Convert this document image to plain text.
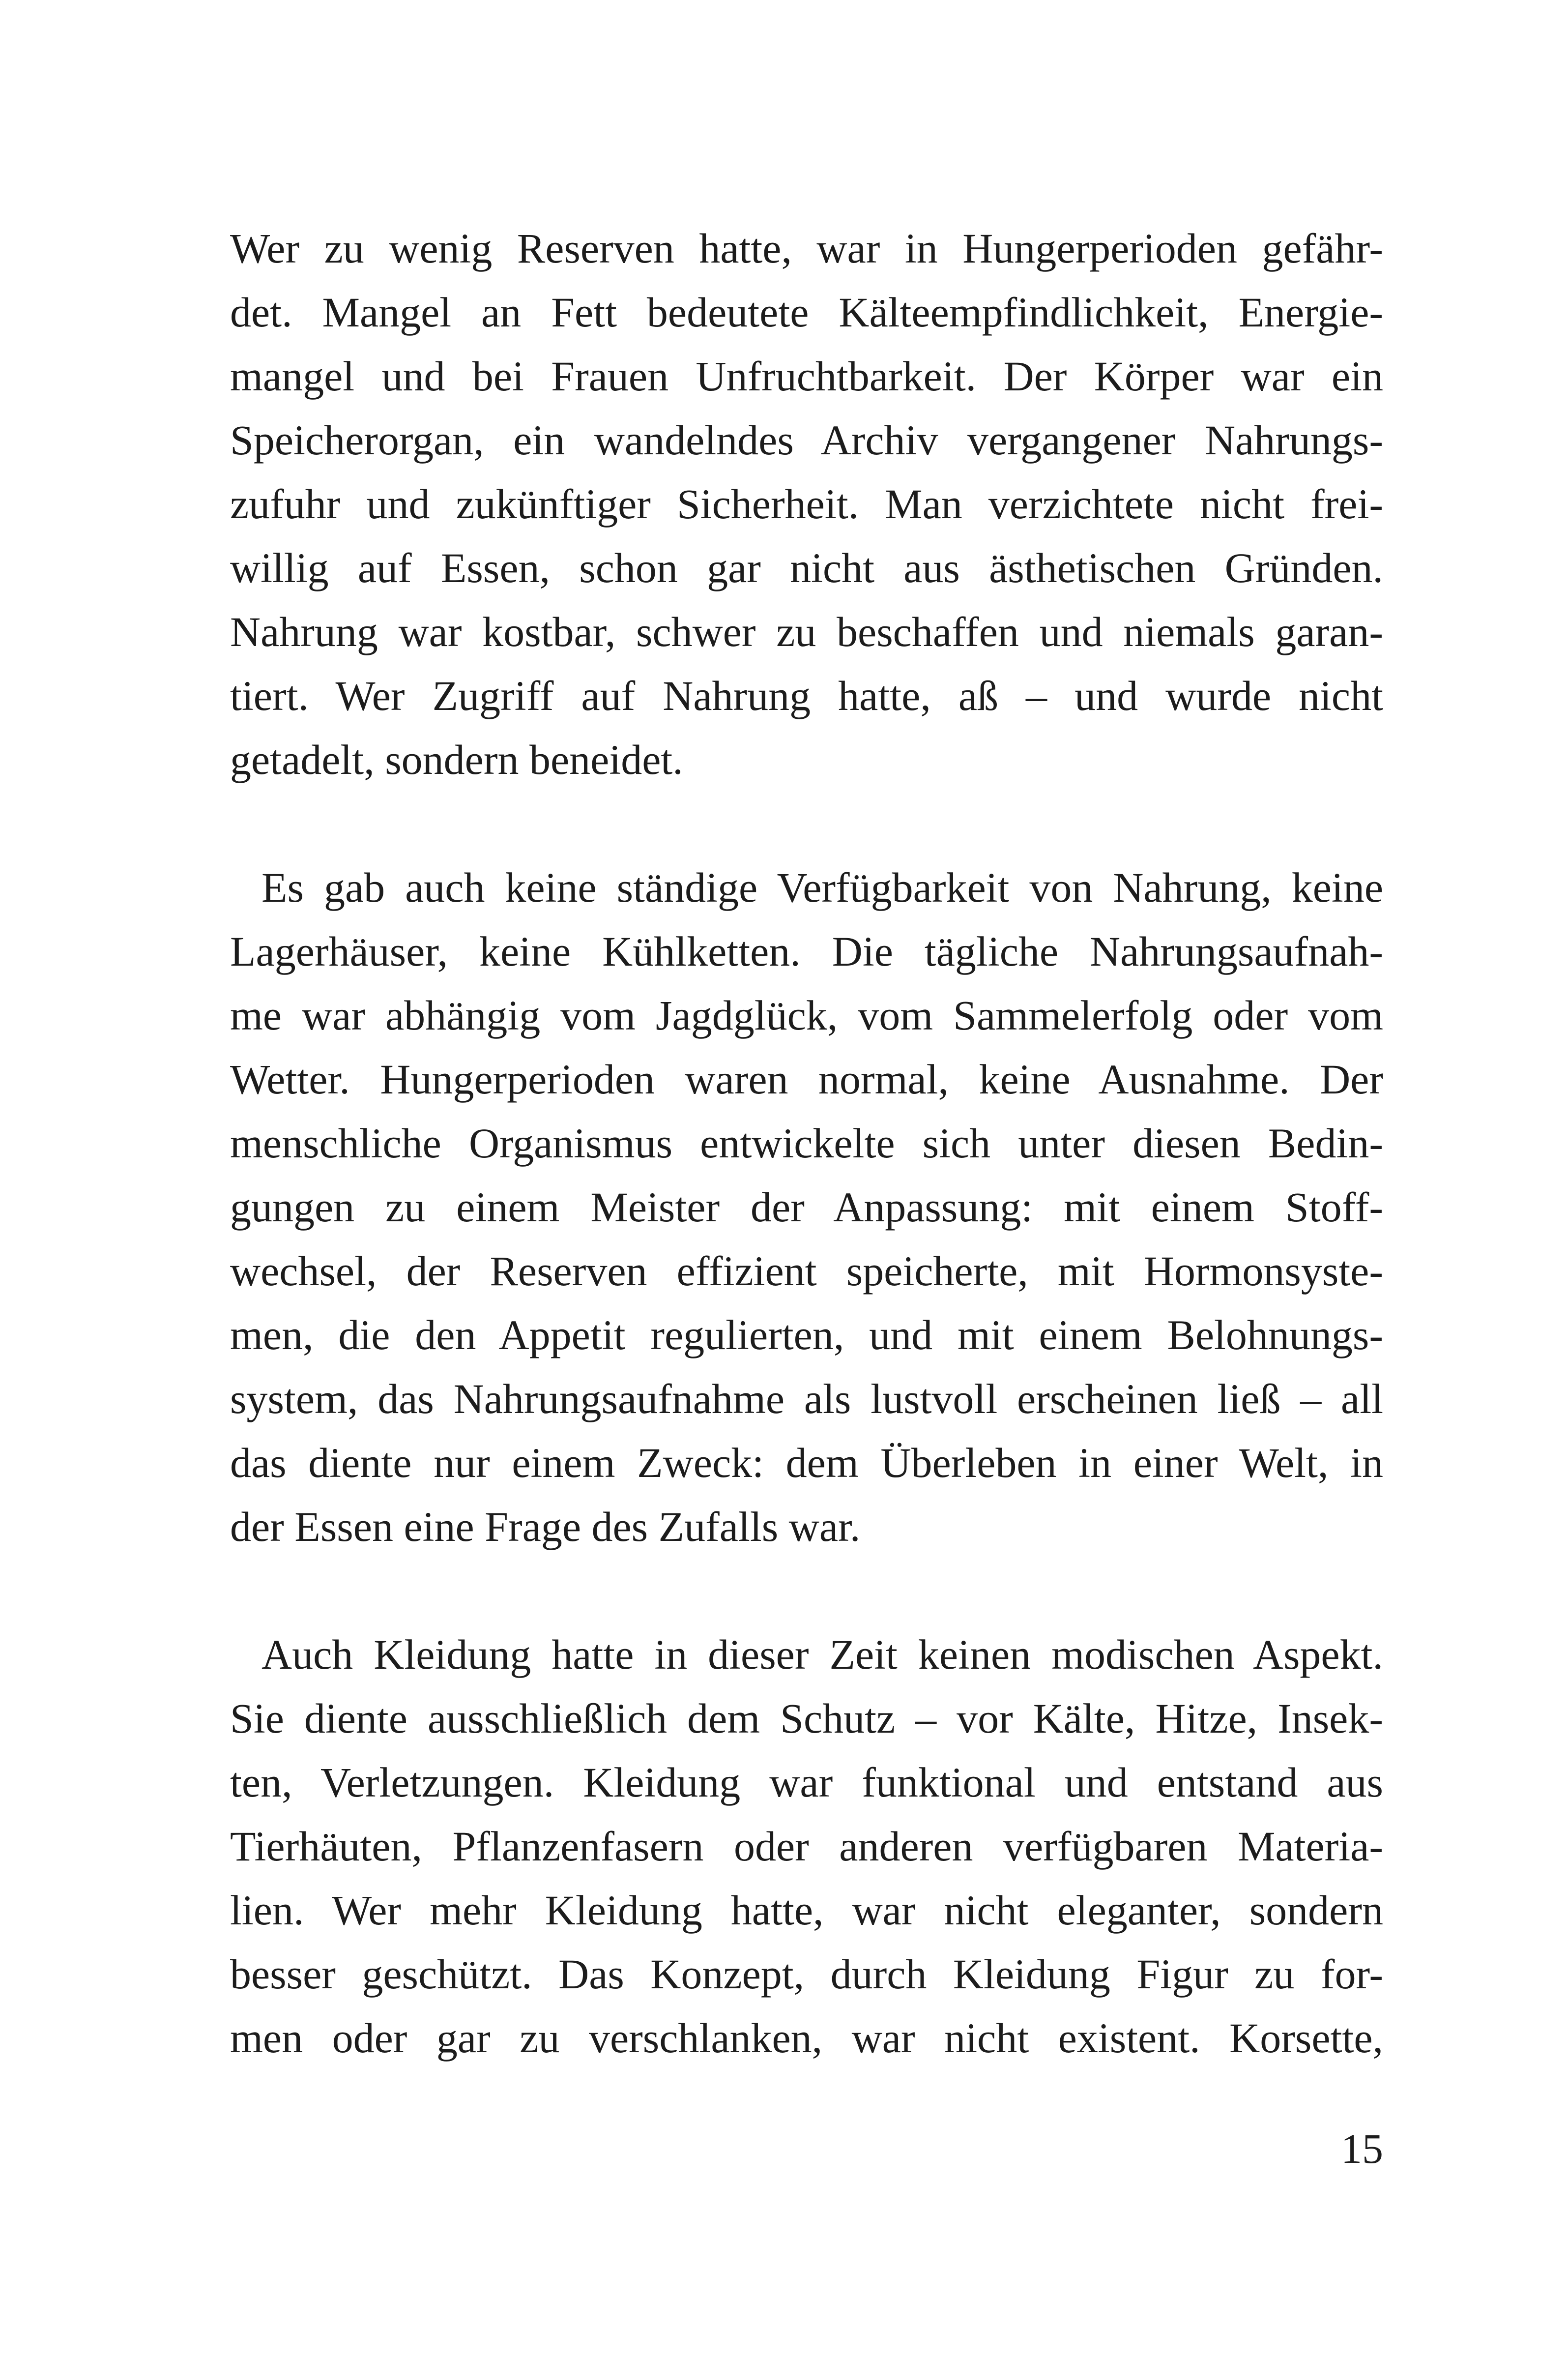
Wer zu wenig Reserven hatte, war in Hungerperioden gefähr-
det. Mangel an Fett bedeutete Kälteempfindlichkeit, Energie-
mangel und bei Frauen Unfruchtbarkeit. Der Körper war ein
Speicherorgan, ein wandelndes Archiv vergangener Nahrungs-
zufuhr und zukünftiger Sicherheit. Man verzichtete nicht frei-
willig auf Essen, schon gar nicht aus ästhetischen Gründen.
Nahrung war kostbar, schwer zu beschaffen und niemals garan-
tiert. Wer Zugriff auf Nahrung hatte, aß – und wurde nicht
getadelt, sondern beneidet.
Es gab auch keine ständige Verfügbarkeit von Nahrung, keine
Lagerhäuser, keine Kühlketten. Die tägliche Nahrungsaufnah-
me war abhängig vom Jagdglück, vom Sammelerfolg oder vom
Wetter. Hungerperioden waren normal, keine Ausnahme. Der
menschliche Organismus entwickelte sich unter diesen Bedin-
gungen zu einem Meister der Anpassung: mit einem Stoff-
wechsel, der Reserven effizient speicherte, mit Hormonsyste-
men, die den Appetit regulierten, und mit einem Belohnungs-
system, das Nahrungsaufnahme als lustvoll erscheinen ließ – all
das diente nur einem Zweck: dem Überleben in einer Welt, in
der Essen eine Frage des Zufalls war.
Auch Kleidung hatte in dieser Zeit keinen modischen Aspekt.
Sie diente ausschließlich dem Schutz – vor Kälte, Hitze, Insek-
ten, Verletzungen. Kleidung war funktional und entstand aus
Tierhäuten, Pflanzenfasern oder anderen verfügbaren Materia-
lien. Wer mehr Kleidung hatte, war nicht eleganter, sondern
besser geschützt. Das Konzept, durch Kleidung Figur zu for-
men oder gar zu verschlanken, war nicht existent. Korsette,
15
